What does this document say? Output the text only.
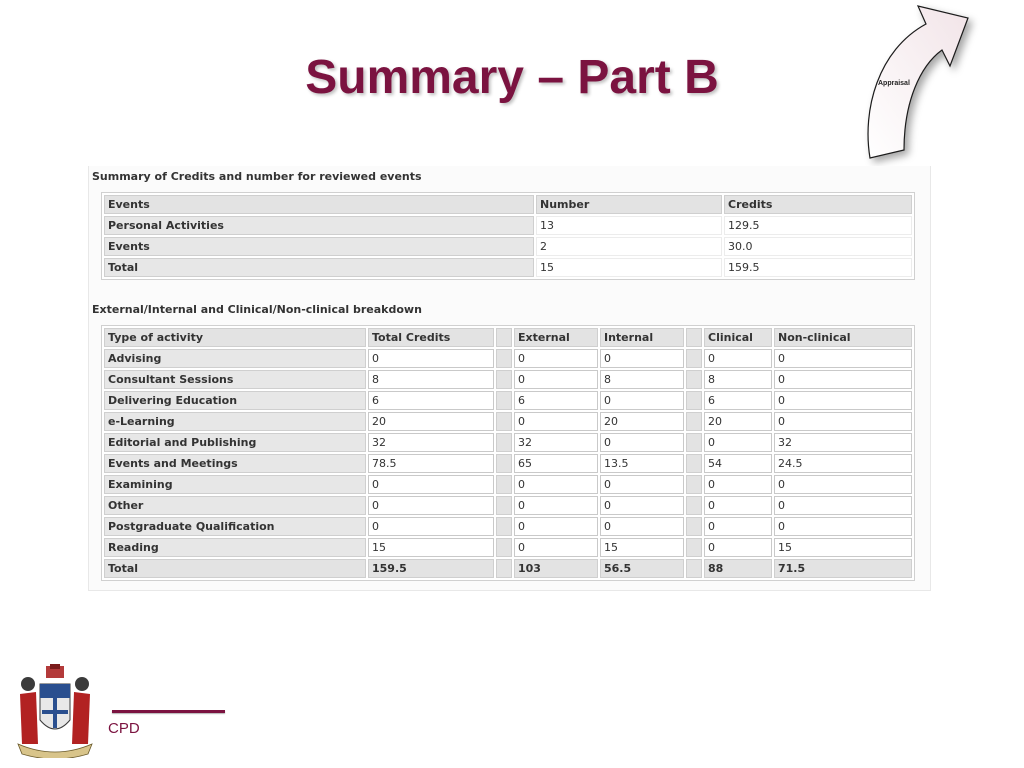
Summary – Part B	Appraisal
Summary of Credits and number for reviewed events
Events	Number	Credits
Personal Activities	13	129.5
Events	2	30.0
Total	15	159.5
External/Internal and Clinical/Non-clinical breakdown
Type of activity	Total Credits		External	Internal		Clinical	Non-clinical
Advising	0		0	0		0	0
Consultant Sessions	8		0	8		8	0
Delivering Education	6		6	0		6	0
e-Learning	20		0	20		20	0
Editorial and Publishing	32		32	0		0	32
Events and Meetings	78.5		65	13.5		54	24.5
Examining	0		0	0		0	0
Other	0		0	0		0	0
Postgraduate Qualification	0		0	0		0	0
Reading	15		0	15		0	15
Total	159.5		103	56.5		88	71.5
CPD
